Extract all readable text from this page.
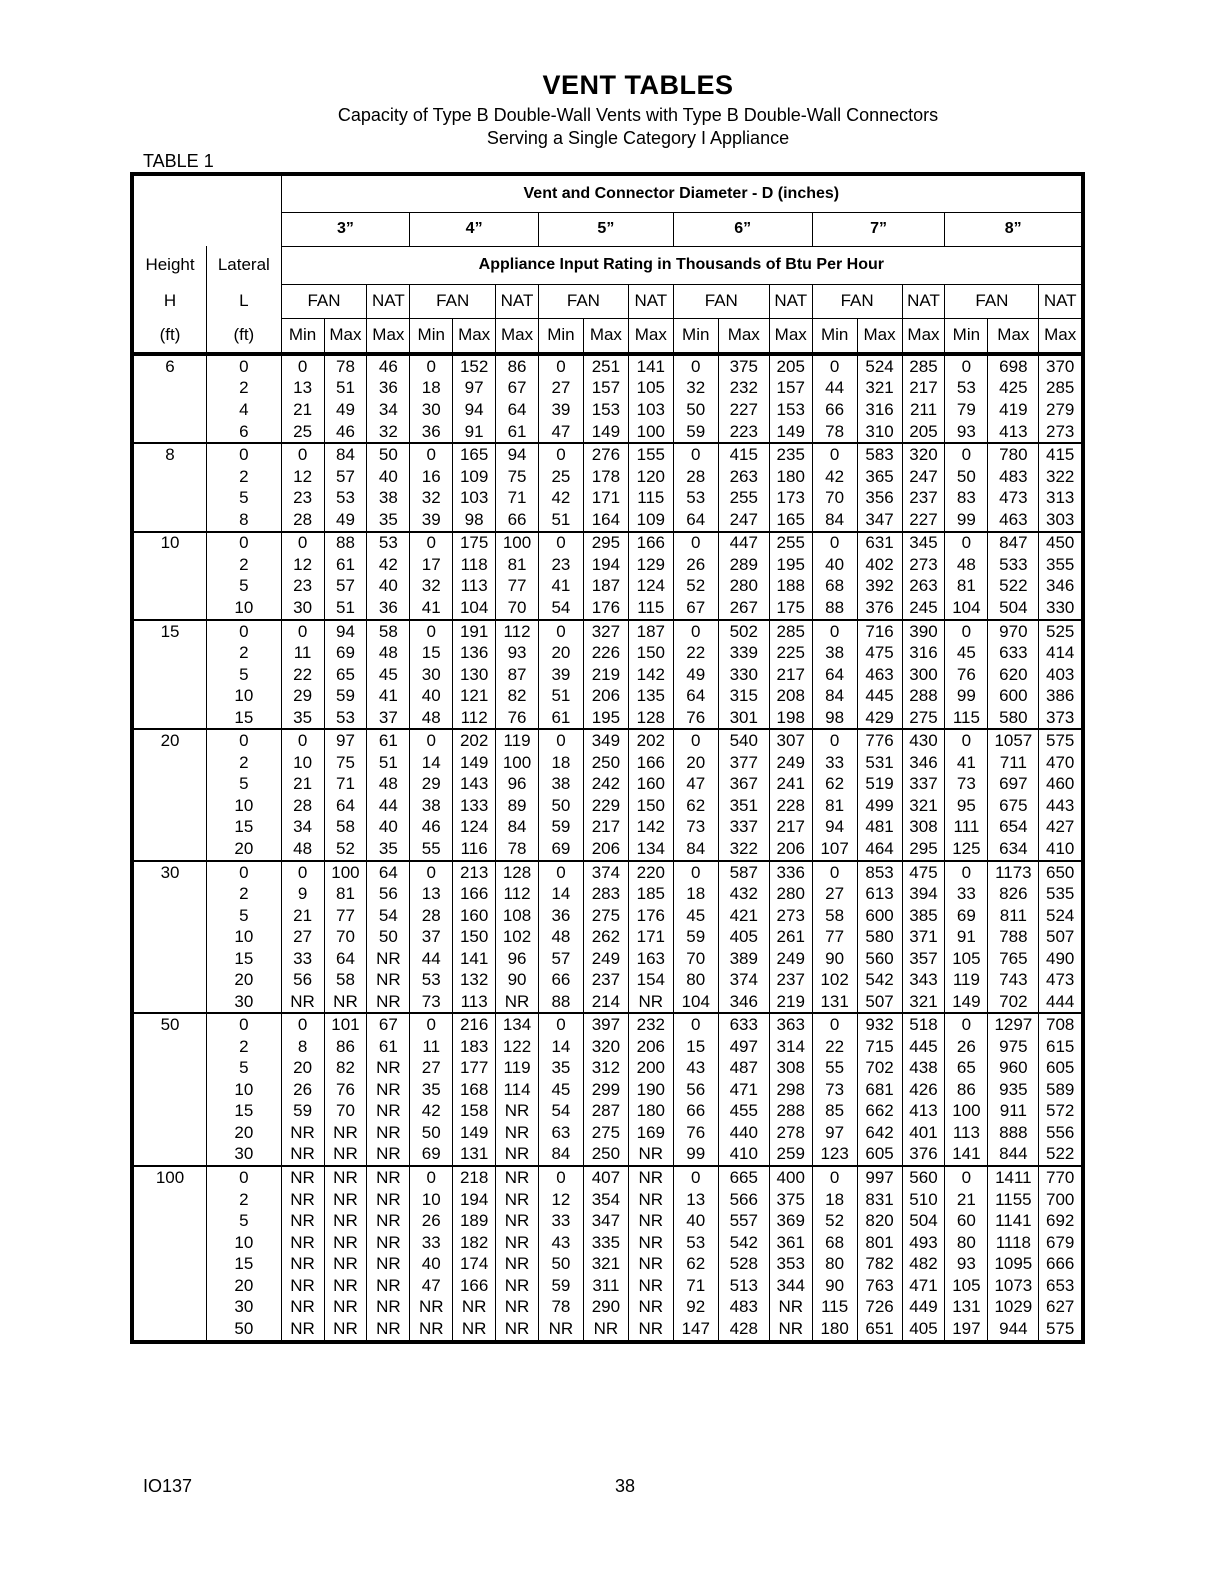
VENT TABLES
Capacity of Type B Double-Wall Vents with Type B Double-Wall Connectors
Serving a Single Category I Appliance
TABLE 1
		Vent and Connector Diameter - D (inches)																	
		3”			4”			5”			6”			7”			8”		
Height	Lateral	Appliance Input Rating in Thousands of Btu Per Hour																	
H	L	FAN		NAT	FAN		NAT	FAN		NAT	FAN		NAT	FAN		NAT	FAN		NAT
(ft)	(ft)	Min	Max	Max	Min	Max	Max	Min	Max	Max	Min	Max	Max	Min	Max	Max	Min	Max	Max
6	0	0	78	46	0	152	86	0	251	141	0	375	205	0	524	285	0	698	370
	2	13	51	36	18	97	67	27	157	105	32	232	157	44	321	217	53	425	285
	4	21	49	34	30	94	64	39	153	103	50	227	153	66	316	211	79	419	279
	6	25	46	32	36	91	61	47	149	100	59	223	149	78	310	205	93	413	273
8	0	0	84	50	0	165	94	0	276	155	0	415	235	0	583	320	0	780	415
	2	12	57	40	16	109	75	25	178	120	28	263	180	42	365	247	50	483	322
	5	23	53	38	32	103	71	42	171	115	53	255	173	70	356	237	83	473	313
	8	28	49	35	39	98	66	51	164	109	64	247	165	84	347	227	99	463	303
10	0	0	88	53	0	175	100	0	295	166	0	447	255	0	631	345	0	847	450
	2	12	61	42	17	118	81	23	194	129	26	289	195	40	402	273	48	533	355
	5	23	57	40	32	113	77	41	187	124	52	280	188	68	392	263	81	522	346
	10	30	51	36	41	104	70	54	176	115	67	267	175	88	376	245	104	504	330
15	0	0	94	58	0	191	112	0	327	187	0	502	285	0	716	390	0	970	525
	2	11	69	48	15	136	93	20	226	150	22	339	225	38	475	316	45	633	414
	5	22	65	45	30	130	87	39	219	142	49	330	217	64	463	300	76	620	403
	10	29	59	41	40	121	82	51	206	135	64	315	208	84	445	288	99	600	386
	15	35	53	37	48	112	76	61	195	128	76	301	198	98	429	275	115	580	373
20	0	0	97	61	0	202	119	0	349	202	0	540	307	0	776	430	0	1057	575
	2	10	75	51	14	149	100	18	250	166	20	377	249	33	531	346	41	711	470
	5	21	71	48	29	143	96	38	242	160	47	367	241	62	519	337	73	697	460
	10	28	64	44	38	133	89	50	229	150	62	351	228	81	499	321	95	675	443
	15	34	58	40	46	124	84	59	217	142	73	337	217	94	481	308	111	654	427
	20	48	52	35	55	116	78	69	206	134	84	322	206	107	464	295	125	634	410
30	0	0	100	64	0	213	128	0	374	220	0	587	336	0	853	475	0	1173	650
	2	9	81	56	13	166	112	14	283	185	18	432	280	27	613	394	33	826	535
	5	21	77	54	28	160	108	36	275	176	45	421	273	58	600	385	69	811	524
	10	27	70	50	37	150	102	48	262	171	59	405	261	77	580	371	91	788	507
	15	33	64	NR	44	141	96	57	249	163	70	389	249	90	560	357	105	765	490
	20	56	58	NR	53	132	90	66	237	154	80	374	237	102	542	343	119	743	473
	30	NR	NR	NR	73	113	NR	88	214	NR	104	346	219	131	507	321	149	702	444
50	0	0	101	67	0	216	134	0	397	232	0	633	363	0	932	518	0	1297	708
	2	8	86	61	11	183	122	14	320	206	15	497	314	22	715	445	26	975	615
	5	20	82	NR	27	177	119	35	312	200	43	487	308	55	702	438	65	960	605
	10	26	76	NR	35	168	114	45	299	190	56	471	298	73	681	426	86	935	589
	15	59	70	NR	42	158	NR	54	287	180	66	455	288	85	662	413	100	911	572
	20	NR	NR	NR	50	149	NR	63	275	169	76	440	278	97	642	401	113	888	556
	30	NR	NR	NR	69	131	NR	84	250	NR	99	410	259	123	605	376	141	844	522
100	0	NR	NR	NR	0	218	NR	0	407	NR	0	665	400	0	997	560	0	1411	770
	2	NR	NR	NR	10	194	NR	12	354	NR	13	566	375	18	831	510	21	1155	700
	5	NR	NR	NR	26	189	NR	33	347	NR	40	557	369	52	820	504	60	1141	692
	10	NR	NR	NR	33	182	NR	43	335	NR	53	542	361	68	801	493	80	1118	679
	15	NR	NR	NR	40	174	NR	50	321	NR	62	528	353	80	782	482	93	1095	666
	20	NR	NR	NR	47	166	NR	59	311	NR	71	513	344	90	763	471	105	1073	653
	30	NR	NR	NR	NR	NR	NR	78	290	NR	92	483	NR	115	726	449	131	1029	627
	50	NR	NR	NR	NR	NR	NR	NR	NR	NR	147	428	NR	180	651	405	197	944	575
IO137	38
